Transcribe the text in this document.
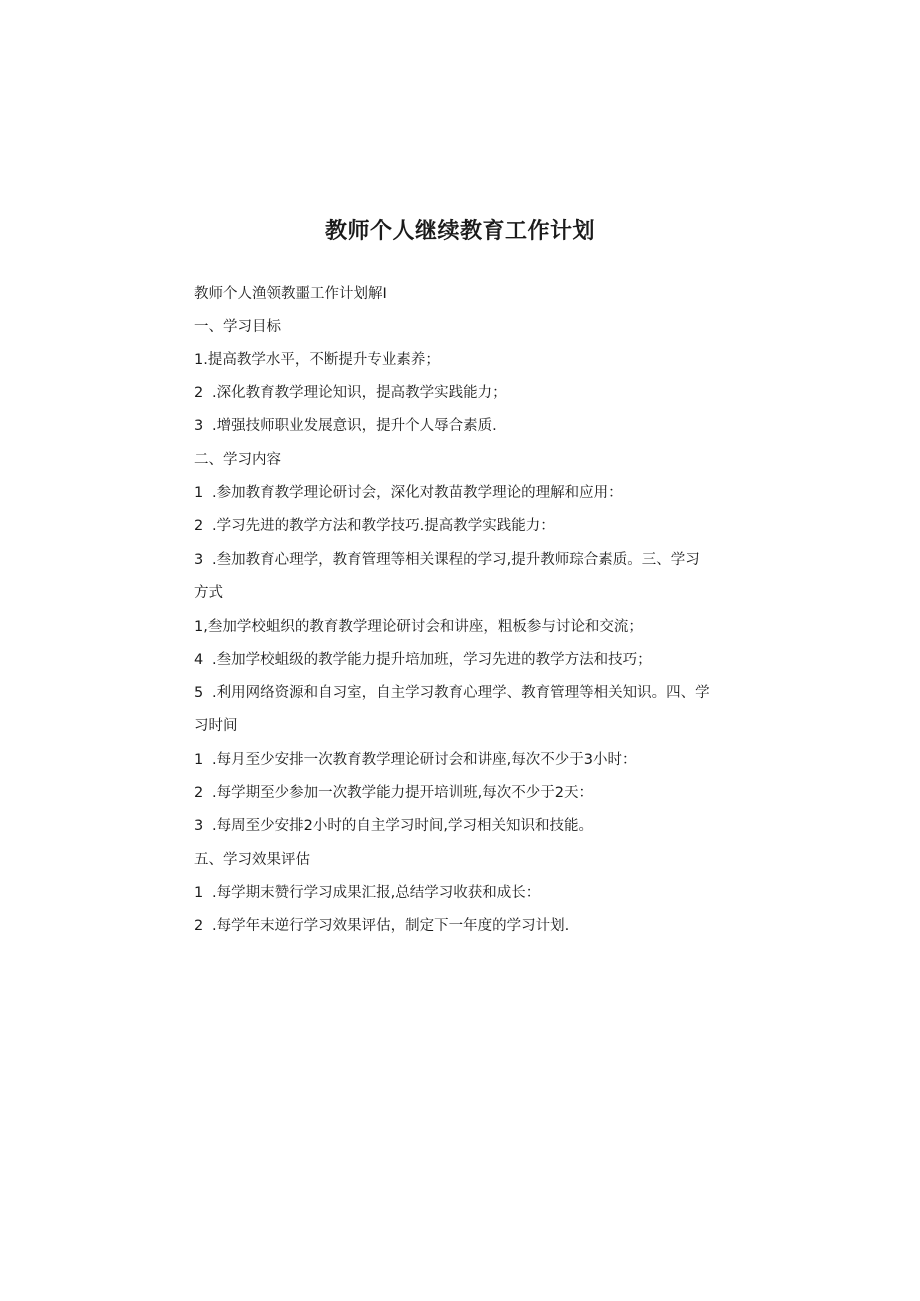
教师个人继续教育工作计划

教师个人渔领教噩工作计划解I

一、学习目标

1.提高教学水平，不断提升专业素养；

2 .深化教育教学理论知识，提高教学实践能力；

3 .增强技师职业发展意识，提升个人辱合素质.

二、学习内容

1 .参加教育教学理论研讨会，深化对教苗教学理论的理解和应用：

2 .学习先进的教学方法和教学技巧.提高教学实践能力：

3 .叁加教育心理学，教育管理等相关课程的学习,提升教师琮合素质。三、学习

方式

1,叁加学校蛆织的教育教学理论研讨会和讲座，粗板参与讨论和交流；

4 .叁加学校蛆级的教学能力提升培加班，学习先进的教学方法和技巧；

5 .利用网络资源和自习室，自主学习教育心理学、教育管理等相关知识。四、学

习时间

1 .每月至少安排一次教育教学理论研讨会和讲座,每次不少于3小时：

2 .每学期至少参加一次教学能力提开培训班,每次不少于2天：

3 .每周至少安排2小时的自主学习时间,学习相关知识和技能。

五、学习效果评估

1 .每学期末赞行学习成果汇报,总结学习收获和成长：

2 .每学年末逆行学习效果评估，制定下一年度的学习计划.
